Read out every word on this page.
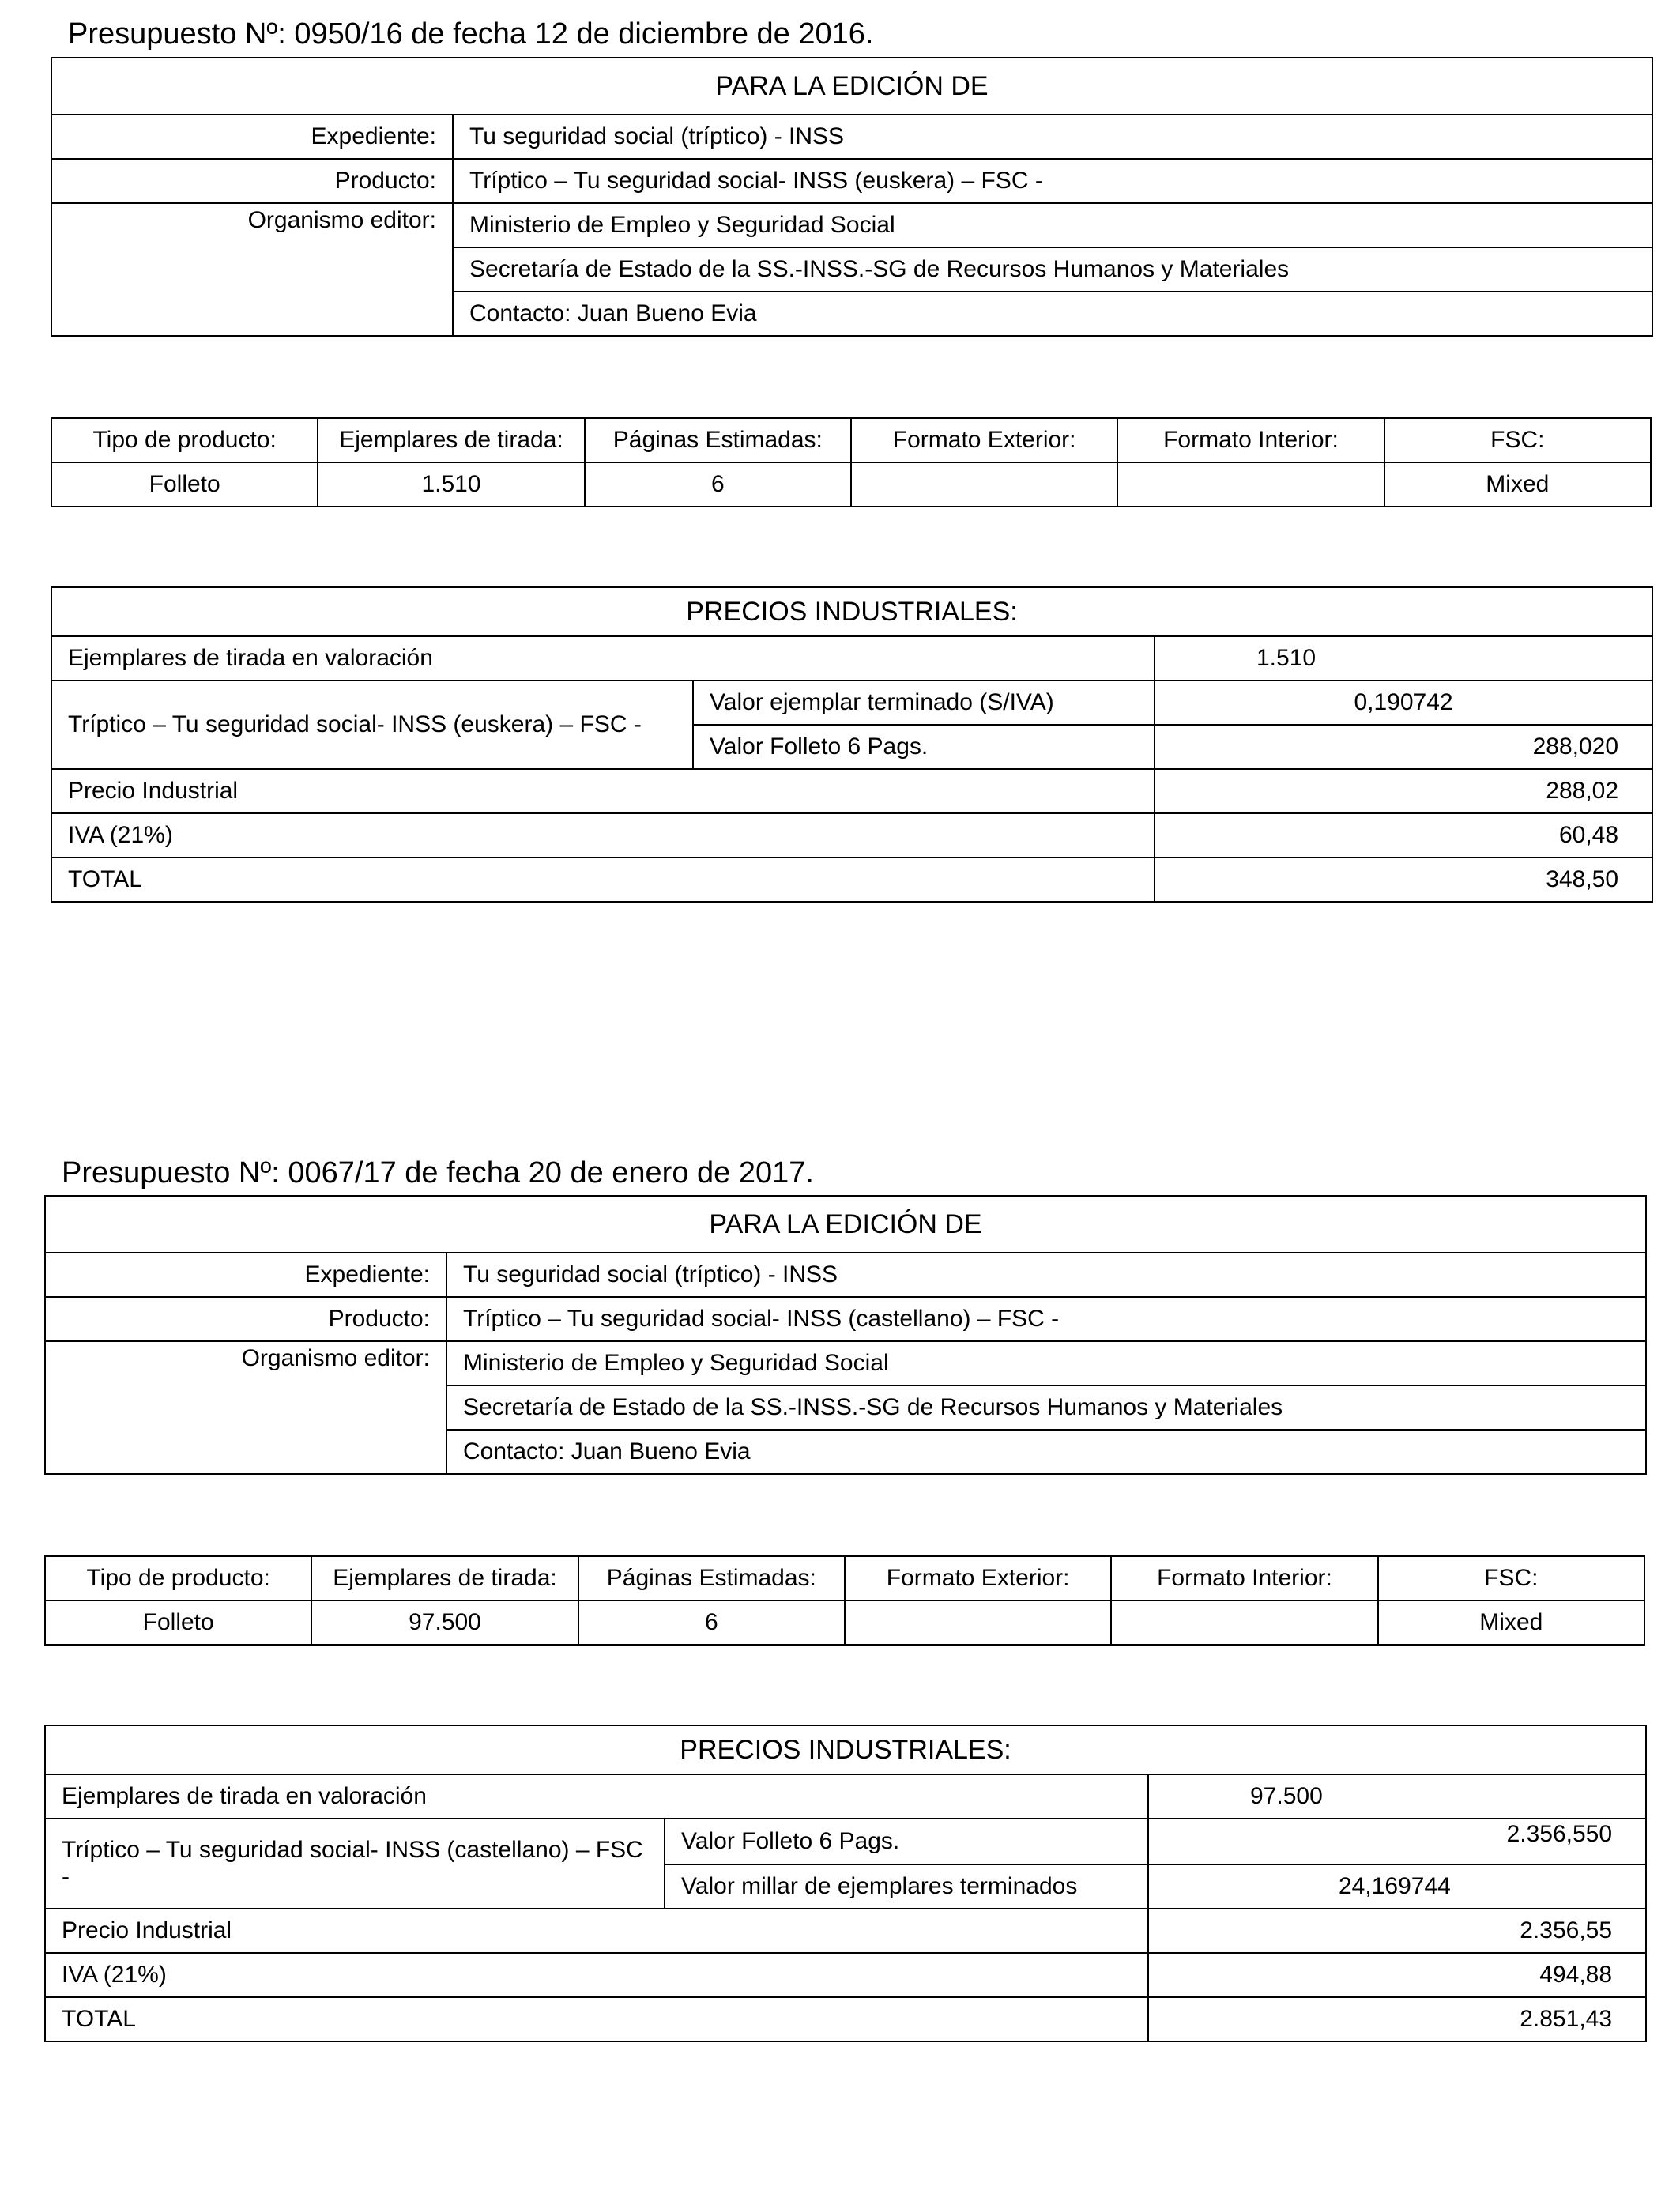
Presupuesto Nº: 0950/16 de fecha 12 de diciembre de 2016.
PARA LA EDICIÓN DE	
Expediente:	Tu seguridad social (tríptico) - INSS
Producto:	Tríptico – Tu seguridad social- INSS (euskera) – FSC -
Organismo editor:	Ministerio de Empleo y Seguridad Social
	Secretaría de Estado de la SS.-INSS.-SG de Recursos Humanos y Materiales
	Contacto: Juan Bueno Evia
Tipo de producto:	Ejemplares de tirada:	Páginas Estimadas:	Formato Exterior:	Formato Interior:	FSC:
Folleto	1.510	6			Mixed
PRECIOS INDUSTRIALES:		
Ejemplares de tirada en valoración		1.510
Tríptico – Tu seguridad social- INSS (euskera) – FSC -	Valor ejemplar terminado (S/IVA)	0,190742
	Valor Folleto 6 Pags.	288,020
Precio Industrial		288,02
IVA (21%)		60,48
TOTAL		348,50
Presupuesto Nº: 0067/17 de fecha 20 de enero de 2017.
PARA LA EDICIÓN DE	
Expediente:	Tu seguridad social (tríptico) - INSS
Producto:	Tríptico – Tu seguridad social- INSS (castellano) – FSC -
Organismo editor:	Ministerio de Empleo y Seguridad Social
	Secretaría de Estado de la SS.-INSS.-SG de Recursos Humanos y Materiales
	Contacto: Juan Bueno Evia
Tipo de producto:	Ejemplares de tirada:	Páginas Estimadas:	Formato Exterior:	Formato Interior:	FSC:
Folleto	97.500	6			Mixed
PRECIOS INDUSTRIALES:		
Ejemplares de tirada en valoración		97.500
Tríptico – Tu seguridad social- INSS (castellano) – FSC -	Valor Folleto 6 Pags.	2.356,550
	Valor millar de ejemplares terminados	24,169744
Precio Industrial		2.356,55
IVA (21%)		494,88
TOTAL		2.851,43
